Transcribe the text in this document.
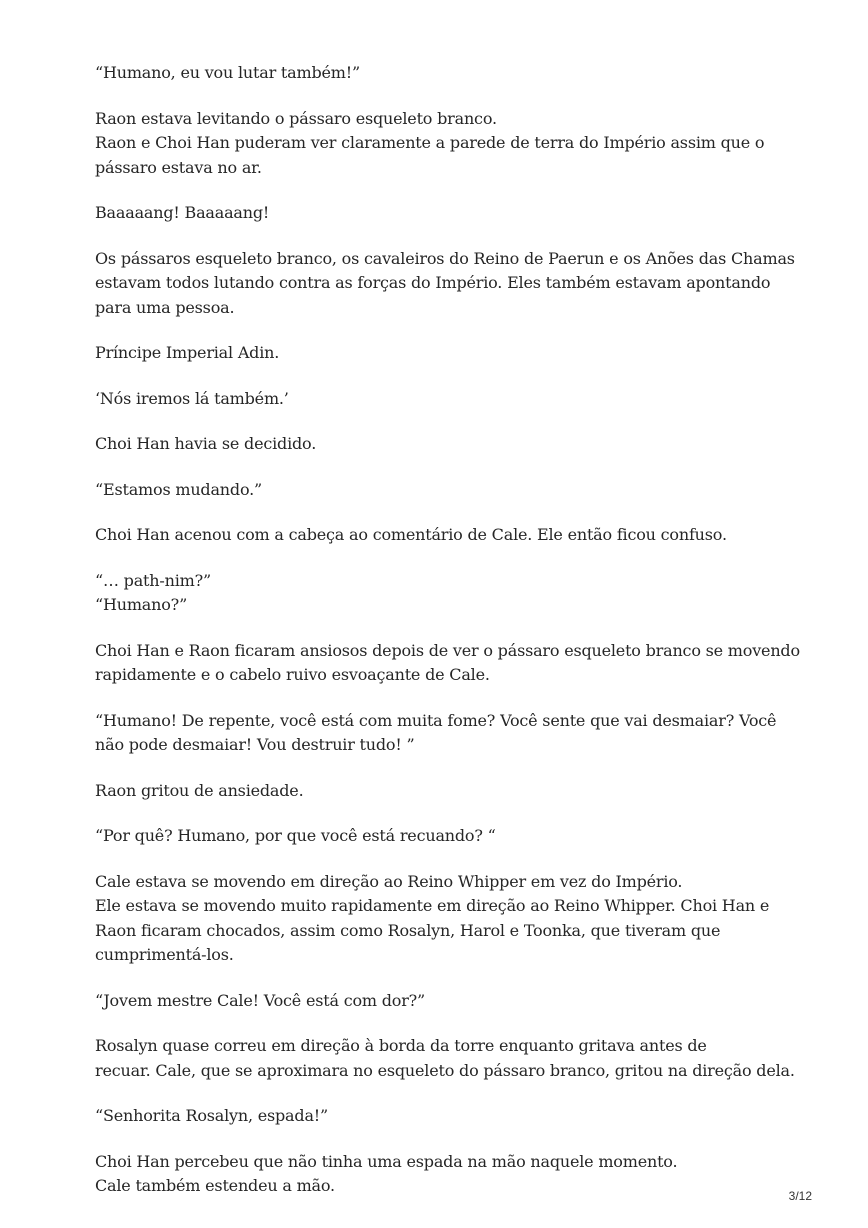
“Humano, eu vou lutar também!”

Raon estava levitando o pássaro esqueleto branco.
Raon e Choi Han puderam ver claramente a parede de terra do Império assim que o
pássaro estava no ar.

Baaaaang! Baaaaang!

Os pássaros esqueleto branco, os cavaleiros do Reino de Paerun e os Anões das Chamas
estavam todos lutando contra as forças do Império. Eles também estavam apontando
para uma pessoa.

Príncipe Imperial Adin.

‘Nós iremos lá também.’

Choi Han havia se decidido.

“Estamos mudando.”

Choi Han acenou com a cabeça ao comentário de Cale. Ele então ficou confuso.

“… path-nim?”
“Humano?”

Choi Han e Raon ficaram ansiosos depois de ver o pássaro esqueleto branco se movendo
rapidamente e o cabelo ruivo esvoaçante de Cale.

“Humano! De repente, você está com muita fome? Você sente que vai desmaiar? Você
não pode desmaiar! Vou destruir tudo! ”

Raon gritou de ansiedade.

“Por quê? Humano, por que você está recuando? “

Cale estava se movendo em direção ao Reino Whipper em vez do Império.
Ele estava se movendo muito rapidamente em direção ao Reino Whipper. Choi Han e
Raon ficaram chocados, assim como Rosalyn, Harol e Toonka, que tiveram que
cumprimentá-los.

“Jovem mestre Cale! Você está com dor?”

Rosalyn quase correu em direção à borda da torre enquanto gritava antes de
recuar. Cale, que se aproximara no esqueleto do pássaro branco, gritou na direção dela.

“Senhorita Rosalyn, espada!”

Choi Han percebeu que não tinha uma espada na mão naquele momento.
Cale também estendeu a mão.

3/12
